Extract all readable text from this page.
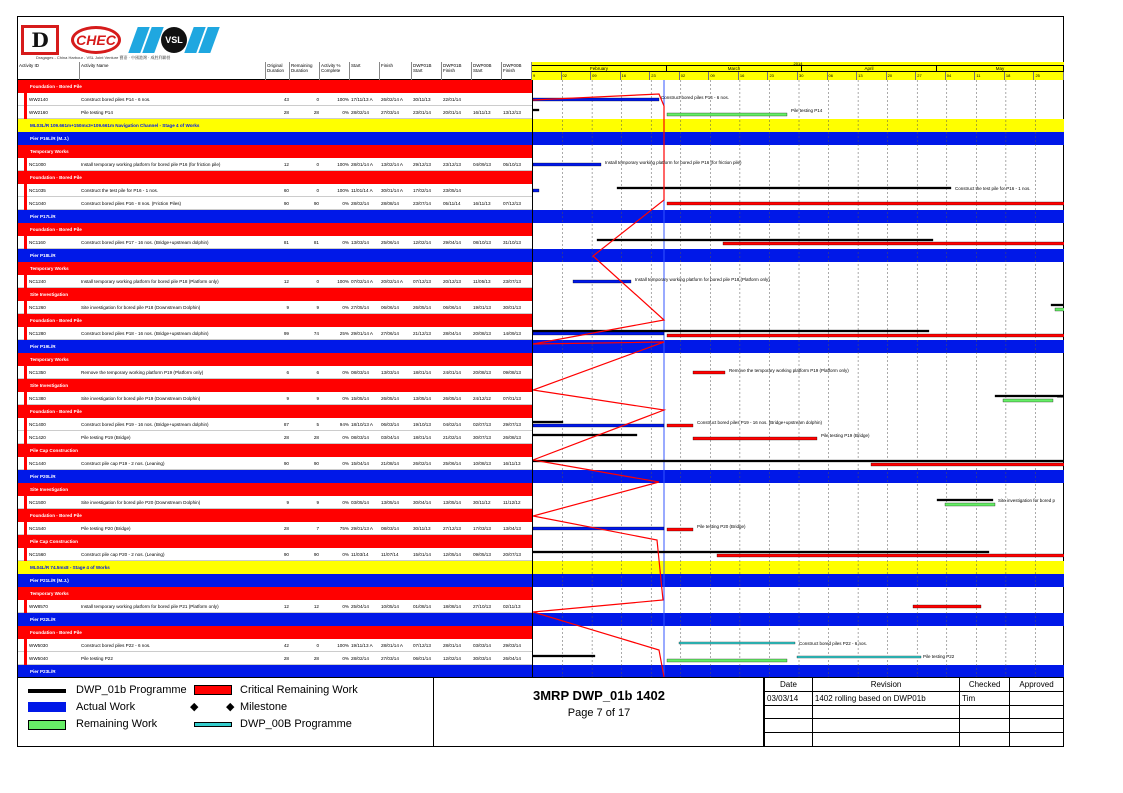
D	CHEC	VSL
Dragages - China Harbour - VSL Joint Venture 寶嘉 · 中國港灣 · 威胜利聯營
Activity ID	Activity Name	Original Duration
Remaining Duration
Activity % Complete
Start	Finish	DWP01B Start
DWP01B Finish
DWP00B Start
DWP00B Finish
2014
February	March	April	May
9	02	09	16	23	02	09	16	23	30	06	13	20	27	04	11	18	25
Foundation - Bored Pile
WW2140	Construct bored piles P14 - 6 nos.	43	0	100% 17/11/13 A	26/02/14 A	30/11/13	22/01/14
WW2160	Pile testing P14	28	28	0% 28/02/14	27/03/14	23/01/14	20/01/14	16/11/13	13/12/13
ML03L/R 109.661m+150mx3+109.661m Navigation Channel - Stage 4 of Works
Pier P16L/R (M.J.)
Temporary Works
NC1000	Install temporary working platform for bored pile P16 (for friction pile)	12	0	100% 28/01/14 A	13/02/14 A	29/12/13	23/12/13	04/09/13	05/10/13
Foundation - Bored Pile
NC1035	Construct the test pile for P16 - 1 nos.	60	0	100% 11/01/14 A	30/01/14 A	17/02/14	23/05/14
NC1040	Construct bored piles P16 - 8 nos. (Friction Piles)	90	90	0% 28/02/14	28/08/14	23/07/14	05/11/14	16/11/13	07/12/13
Pier P17L/R
Foundation - Bored Pile
NC1160	Construct bored piles P17 - 16 nos. (Bridge+upstream dolphin)	81	81	0% 13/03/14	25/06/14	12/02/14	29/04/14	08/10/13	31/10/13
Pier P18L/R
Temporary Works
NC1240	Install temporary working platform for bored pile P18 (Platform only)	12	0	100% 07/02/14 A	20/02/14 A	07/12/13	20/12/13	11/05/13	23/07/13
Site Investigation
NC1260	Site investigation for bored pile P18 (Downstream Dolphin)	9	9	0% 27/05/14	06/06/14	26/05/14	06/06/14	19/01/13	30/01/13
Foundation - Bored Pile
NC1280	Construct bored piles P18 - 16 nos. (Bridge+upstream dolphin)	99	74	25% 29/01/14 A	27/06/14	21/12/13	28/04/14	20/08/13	14/09/13
Pier P19L/R
Temporary Works
NC1350	Remove the temporary working platform P19 (Platform only)	6	6	0% 08/03/14	13/03/14	18/01/14	24/01/14	20/08/13	09/08/13
Site Investigation
NC1380	Site investigation for bored pile P19 (Downstream Dolphin)	9	9	0% 15/05/14	26/05/14	13/05/14	26/05/14	24/12/12	07/01/13
Foundation - Bored Pile
NC1400	Construct bored piles P19 - 16 nos. (Bridge+upstream dolphin)	87	5	94% 18/10/13 A	06/03/14	19/10/13	04/02/14	02/07/13	29/07/13
NC1420	Pile testing P19 (Bridge)	28	28	0% 08/03/14	03/04/14	18/01/14	21/02/14	30/07/13	26/08/13
Pile Cap Construction
NC1440	Construct pile cap P19 - 2 nos. (Leaning)	90	90	0% 15/04/14	21/08/14	26/02/14	25/06/14	10/08/13	16/11/13
Pier P20L/R
Site Investigation
NC1500	Site investigation for bored pile P20 (Downstream Dolphin)	9	9	0% 03/05/14	13/05/14	30/04/14	13/05/14	30/11/12	11/12/12
Foundation - Bored Pile
NC1540	Pile testing P20 (Bridge)	28	7	75% 29/01/13 A	08/03/14	30/11/13	27/12/13	17/03/13	13/04/13
Pile Cap Construction
NC1560	Construct pile cap P20 - 2 nos. (Leaning)	90	90	0% 11/03/14	11/07/14	15/01/14	12/05/14	09/05/13	20/07/13
ML04L/R 74.5mx8 - Stage 4 of Works
Pier P21L/R (M.J.)
Temporary Works
WW8570	Install temporary working platform for bored pile P21 (Platform only)	12	12	0% 25/04/14	10/05/14	01/08/14	18/08/14	27/10/13	02/11/13
Pier P22L/R
Foundation - Bored Pile
WW5030	Construct bored piles P22 - 6 nos.	42	0	100% 19/11/13 A	28/01/14 A	07/12/13	28/01/14	03/03/14	29/03/14
WW5040	Pile testing P22	28	28	0% 28/02/14	27/03/14	06/01/14	12/02/14	30/03/14	26/04/14
Pier P23L/R
Construct bored piles P14 - 6 nos.
Pile testing P14
Install temporary working platform for bored pile P16 (for friction pile)
Construct the test pile for P16 - 1 nos.
Install temporary working platform for bored pile P18 (Platform only)
Remove the temporary working platform P19 (Platform only)
Site
Construct bored piles P19 - 16 nos. (Bridge+upstream dolphin)
Pile testing P19 (Bridge)
Site investigation for bored p
Pile testing P20 (Bridge)
Construct bored piles P22 - 6 nos.
Pile testing P22
DWP_01b Programme	Critical Remaining Work
Actual Work	◆	◆ Milestone
Remaining Work	DWP_00B Programme
3MRP DWP_01b 1402
Page 7 of 17
Date	Revision	Checked	Approved
03/03/14	1402 rolling based on DWP01b	Tim	
